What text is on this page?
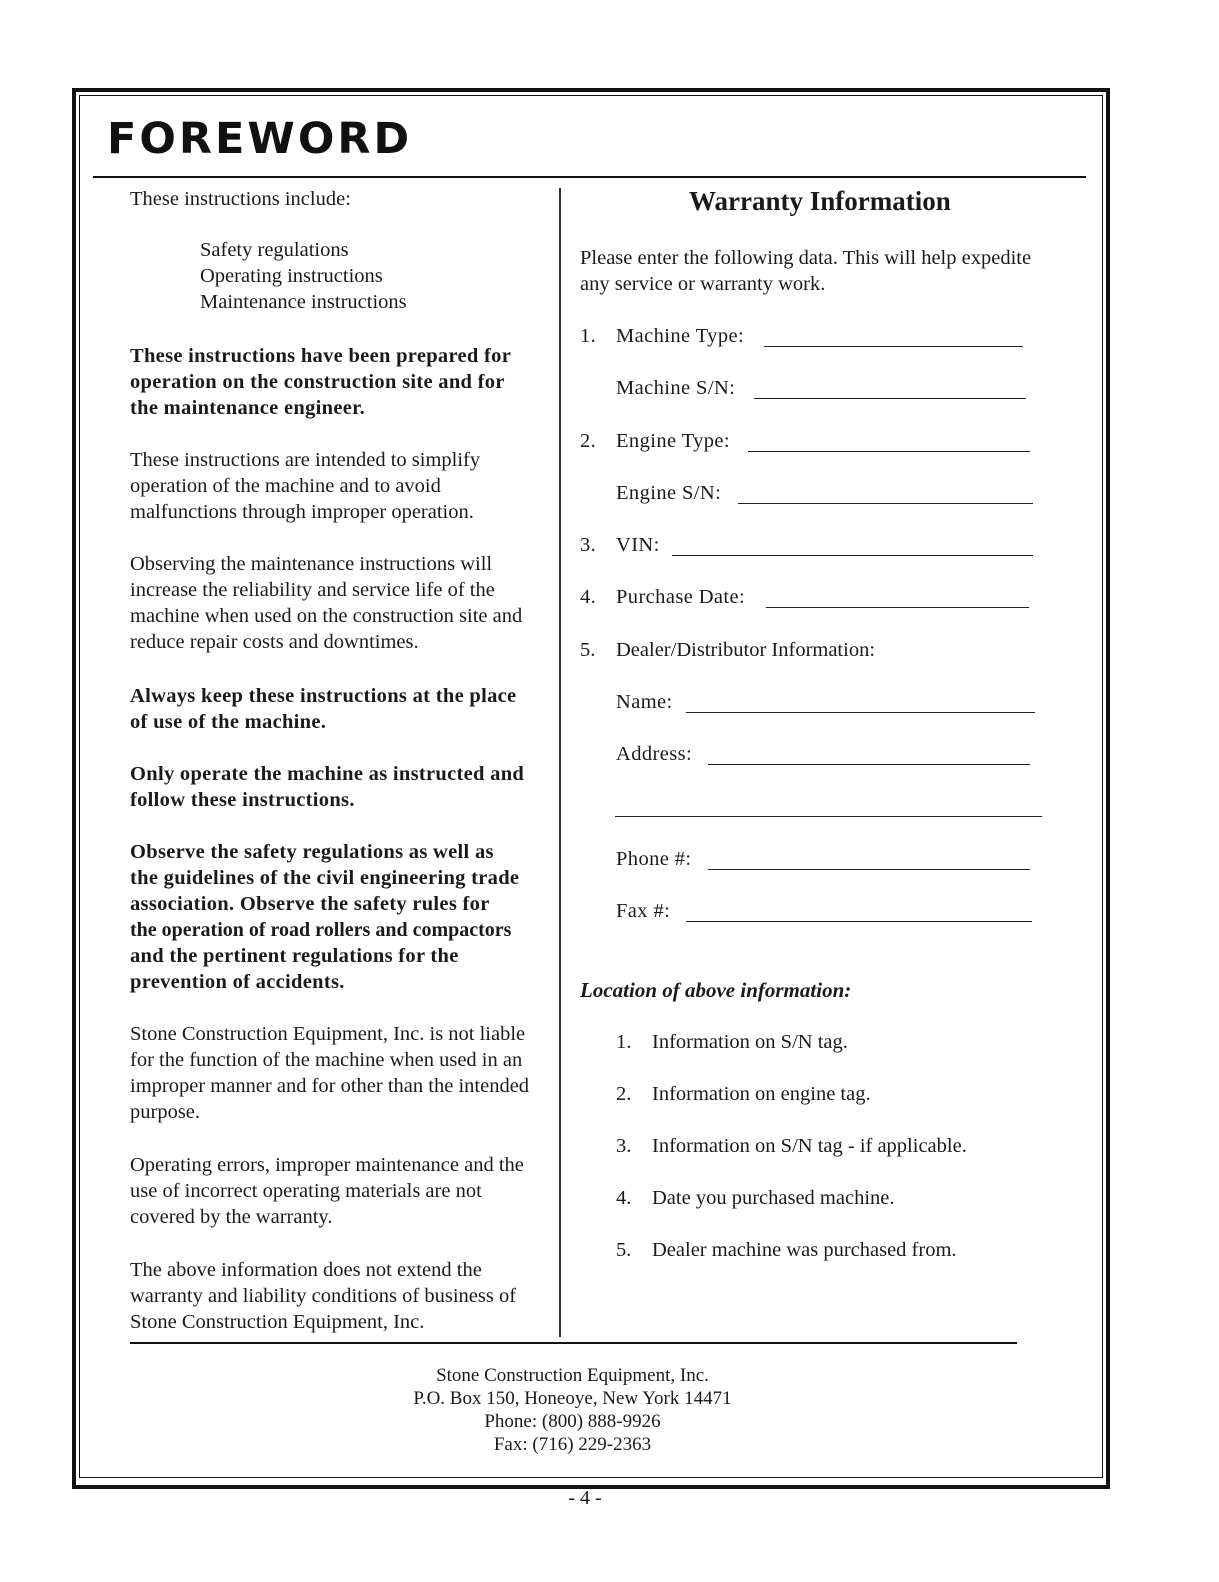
FOREWORD

These instructions include:

Safety regulations

Operating instructions

Maintenance instructions

These instructions have been prepared for

operation on the construction site and for

the maintenance engineer.

These instructions are intended to simplify

operation of the machine and to avoid

malfunctions through improper operation.

Observing the maintenance instructions will

increase the reliability and service life of the

machine when used on the construction site and

reduce repair costs and downtimes.

Always keep these instructions at the place

of use of the machine.

Only operate the machine as instructed and

follow these instructions.

Observe the safety regulations as well as

the guidelines of the civil engineering trade

association. Observe the safety rules for

the operation of road rollers and compactors

and the pertinent regulations for the

prevention of accidents.

Stone Construction Equipment, Inc. is not liable

for the function of the machine when used in an

improper manner and for other than the intended

purpose.

Operating errors, improper maintenance and the

use of incorrect operating materials are not

covered by the warranty.

The above information does not extend the

warranty and liability conditions of business of

Stone Construction Equipment, Inc.

Warranty Information

Please enter the following data. This will help expedite

any service or warranty work.

1. Machine Type:
Machine S/N:
2. Engine Type:
Engine S/N:
3. VIN:
4. Purchase Date:
5. Dealer/Distributor Information:
Name:
Address:
Phone #:
Fax #:
Location of above information:
1. Information on S/N tag.
2. Information on engine tag.
3. Information on S/N tag - if applicable.
4. Date you purchased machine.
5. Dealer machine was purchased from.

Stone Construction Equipment, Inc.

P.O. Box 150, Honeoye, New York 14471

Phone: (800) 888-9926

Fax: (716) 229-2363

- 4 -
